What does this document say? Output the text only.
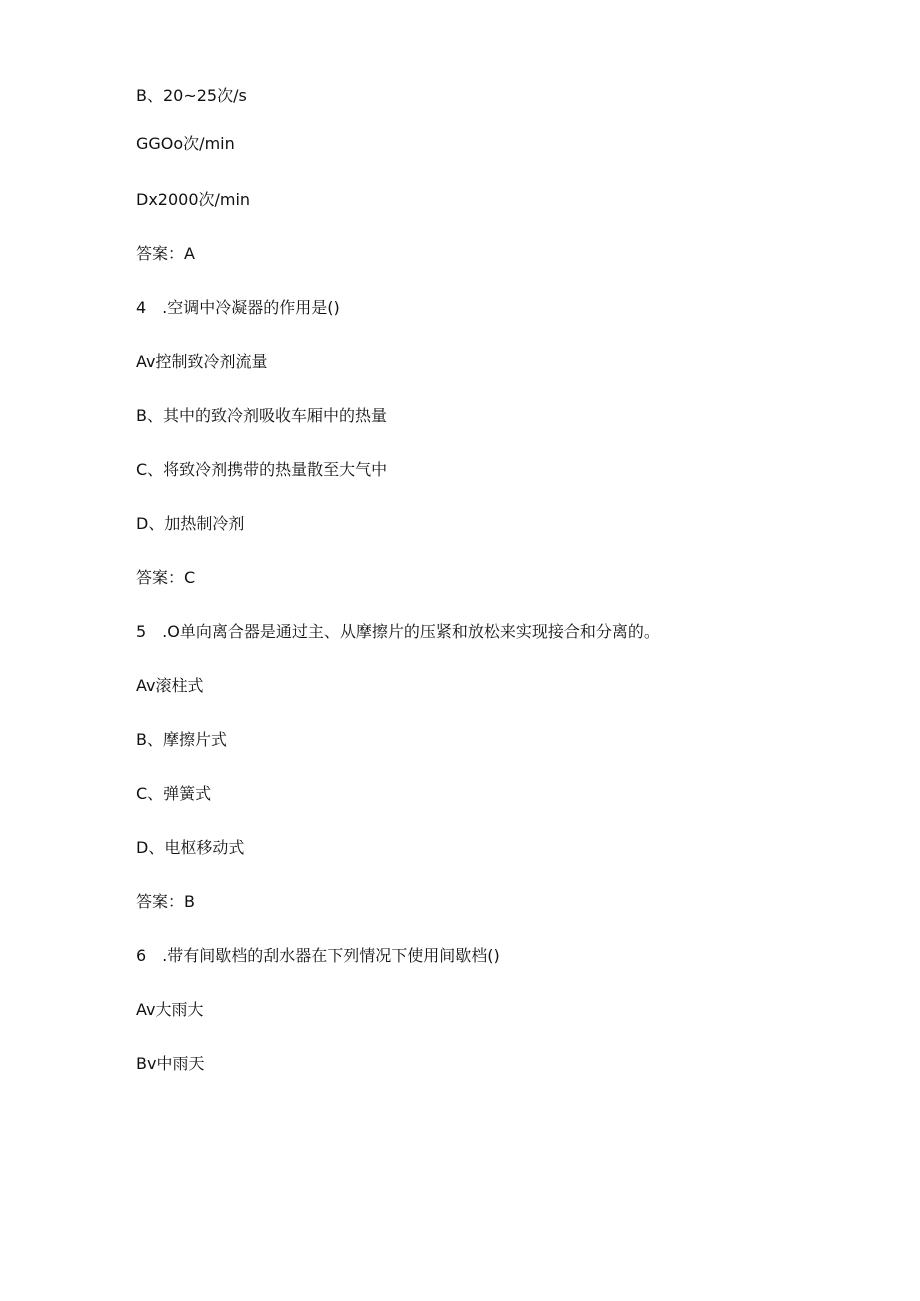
B、20~25次/s
GGOo次/min
Dx2000次/min
答案：A
4　.空调中冷凝器的作用是()
Av控制致冷剂流量
B、其中的致冷剂吸收车厢中的热量
C、将致冷剂携带的热量散至大气中
D、加热制冷剂
答案：C
5　.O单向离合器是通过主、从摩擦片的压紧和放松来实现接合和分离的。
Av滚柱式
B、摩擦片式
C、弹簧式
D、电枢移动式
答案：B
6　.带有间歇档的刮水器在下列情况下使用间歇档()
Av大雨大
Bv中雨天
